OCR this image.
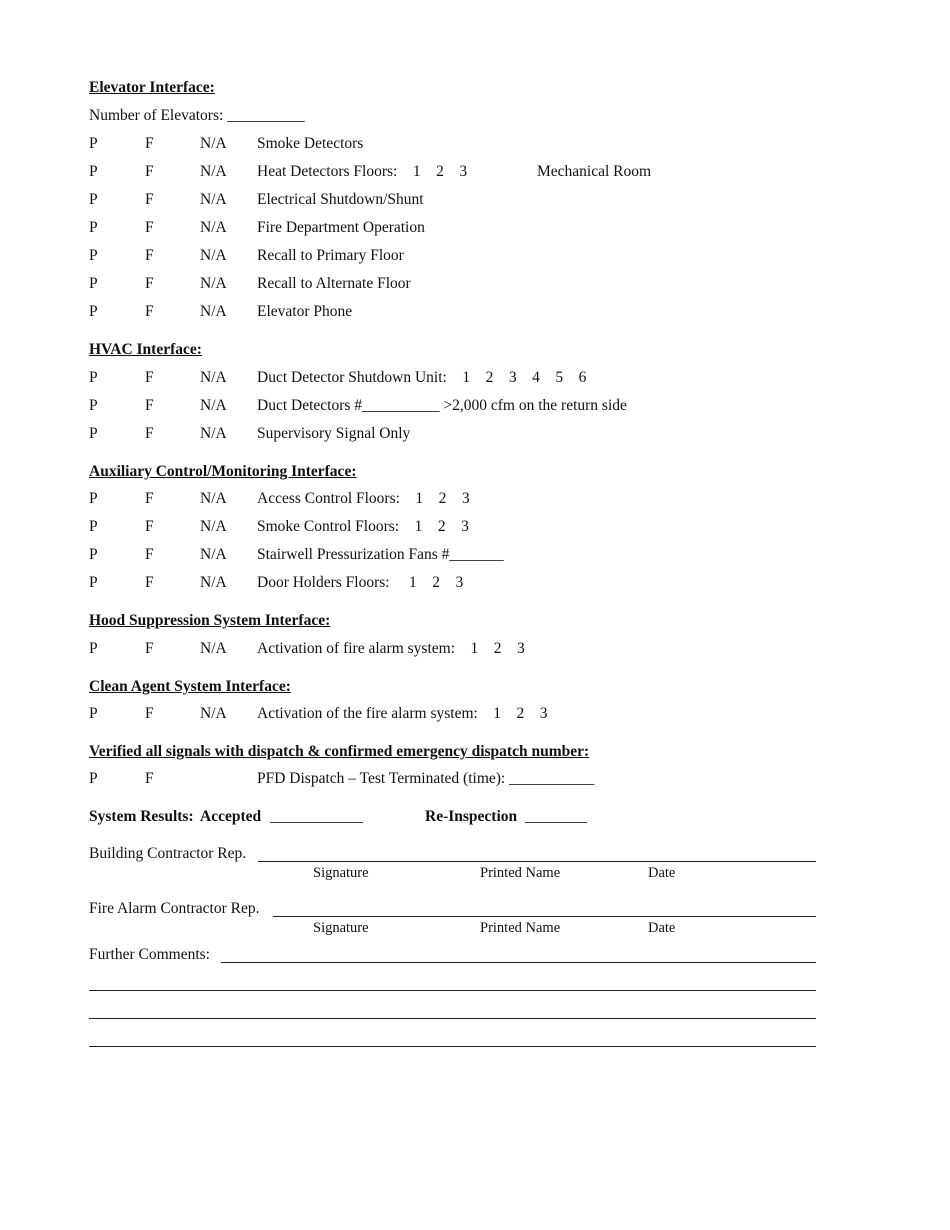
Elevator Interface:
Number of Elevators: __________
P	F	N/A Smoke Detectors
P	F	N/A Heat Detectors Floors:    1    2    3	Mechanical Room
P	F	N/A Electrical Shutdown/Shunt
P	F	N/A Fire Department Operation
P	F	N/A Recall to Primary Floor
P	F	N/A Recall to Alternate Floor
P	F	N/A Elevator Phone
HVAC Interface:
P	F	N/A Duct Detector Shutdown Unit:    1    2    3    4    5    6
P	F	N/A Duct Detectors #__________ >2,000 cfm on the return side
P	F	N/A Supervisory Signal Only
Auxiliary Control/Monitoring Interface:
P	F	N/A Access Control Floors:    1    2    3
P	F	N/A Smoke Control Floors:    1    2    3
P	F	N/A Stairwell Pressurization Fans #_______
P	F	N/A Door Holders Floors:     1    2    3
Hood Suppression System Interface:
P	F	N/A Activation of fire alarm system:    1    2    3
Clean Agent System Interface:
P	F	N/A Activation of the fire alarm system:    1    2    3
Verified all signals with dispatch & confirmed emergency dispatch number:
P	F	PFD Dispatch – Test Terminated (time): ___________
System Results: Accepted ____________	Re-Inspection ________
Building Contractor Rep.
Signature	Printed Name	Date
Fire Alarm Contractor Rep.
Signature	Printed Name	Date
Further Comments:
